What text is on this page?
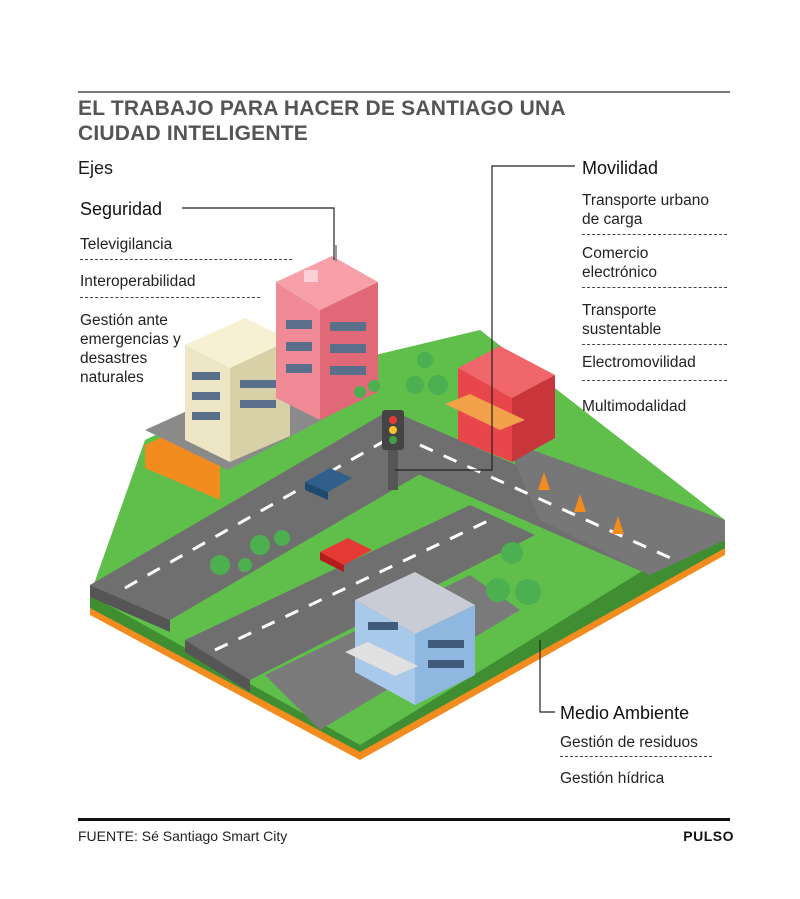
EL TRABAJO PARA HACER DE SANTIAGO UNA CIUDAD INTELIGENTE
Ejes
Seguridad
Televigilancia
Interoperabilidad
Gestión ante emergencias y desastres naturales
Movilidad
Transporte urbano de carga
Comercio electrónico
Transporte sustentable
Electromovilidad
Multimodalidad
Medio Ambiente
Gestión de residuos
Gestión hídrica
FUENTE: Sé Santiago Smart City	PULSO
